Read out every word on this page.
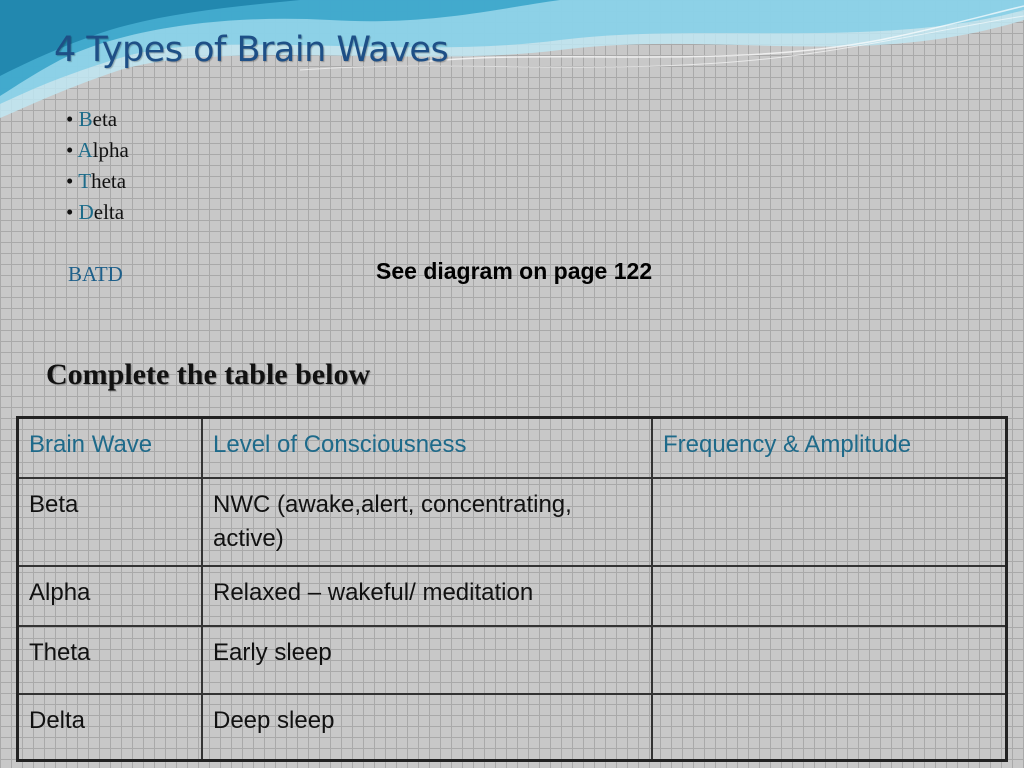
4 Types of Brain Waves
• Beta
• Alpha
• Theta
• Delta
BATD	See diagram on page 122
Complete the table below
Brain Wave	Level of Consciousness	Frequency & Amplitude
Beta	NWC (awake,alert, concentrating, active)	
Alpha	Relaxed – wakeful/ meditation	
Theta	Early sleep	
Delta	Deep sleep	
